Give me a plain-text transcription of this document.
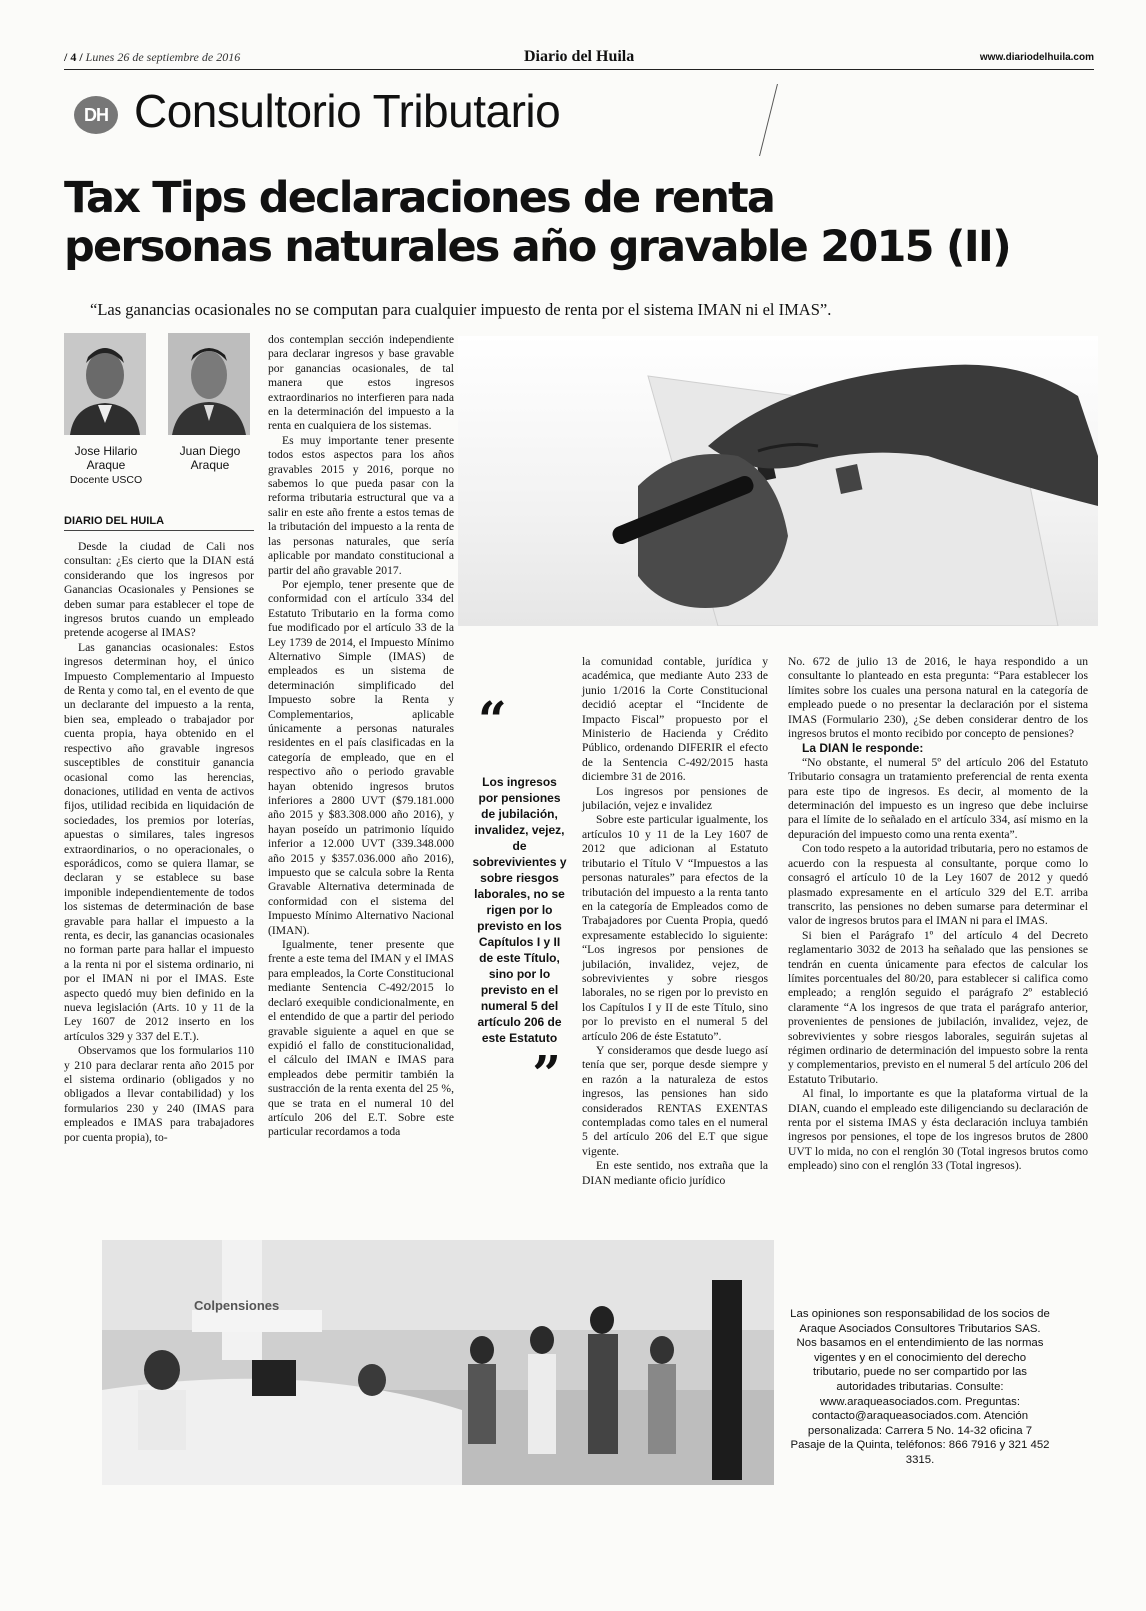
/ 4 / Lunes 26 de septiembre de 2016	Diario del Huila	www.diariodelhuila.com
DH Consultorio Tributario
Tax Tips declaraciones de renta
personas naturales año gravable 2015 (II)
“Las ganancias ocasionales no se computan para cualquier impuesto de renta por el sistema IMAN ni el IMAS”.
Jose Hilario
Araque
Docente USCO
Juan Diego
Araque
DIARIO DEL HUILA

Desde la ciudad de Cali nos consultan: ¿Es cierto que la DIAN está considerando que los ingresos por Ganancias Ocasionales y Pensiones se deben sumar para establecer el tope de ingresos brutos cuando un empleado pretende acogerse al IMAS?

Las ganancias ocasionales: Estos ingresos determinan hoy, el único Impuesto Complementario al Impuesto de Renta y como tal, en el evento de que un declarante del impuesto a la renta, bien sea, empleado o trabajador por cuenta propia, haya obtenido en el respectivo año gravable ingresos susceptibles de constituir ganancia ocasional como las herencias, donaciones, utilidad en venta de activos fijos, utilidad recibida en liquidación de sociedades, los premios por loterías, apuestas o similares, tales ingresos extraordinarios, o no operacionales, o esporádicos, como se quiera llamar, se declaran y se establece su base imponible independientemente de todos los sistemas de determinación de base gravable para hallar el impuesto a la renta, es decir, las ganancias ocasionales no forman parte para hallar el impuesto a la renta ni por el sistema ordinario, ni por el IMAN ni por el IMAS. Este aspecto quedó muy bien definido en la nueva legislación (Arts. 10 y 11 de la Ley 1607 de 2012 inserto en los artículos 329 y 337 del E.T.).

Observamos que los formularios 110 y 210 para declarar renta año 2015 por el sistema ordinario (obligados y no obligados a llevar contabilidad) y los formularios 230 y 240 (IMAS para empleados e IMAS para trabajadores por cuenta propia), to-

dos contemplan sección independiente para declarar ingresos y base gravable por ganancias ocasionales, de tal manera que estos ingresos extraordinarios no interfieren para nada en la determinación del impuesto a la renta en cualquiera de los sistemas.

Es muy importante tener presente todos estos aspectos para los años gravables 2015 y 2016, porque no sabemos lo que pueda pasar con la reforma tributaria estructural que va a salir en este año frente a estos temas de la tributación del impuesto a la renta de las personas naturales, que sería aplicable por mandato constitucional a partir del año gravable 2017.

Por ejemplo, tener presente que de conformidad con el artículo 334 del Estatuto Tributario en la forma como fue modificado por el artículo 33 de la Ley 1739 de 2014, el Impuesto Mínimo Alternativo Simple (IMAS) de empleados es un sistema de determinación simplificado del Impuesto sobre la Renta y Complementarios, aplicable únicamente a personas naturales residentes en el país clasificadas en la categoría de empleado, que en el respectivo año o periodo gravable hayan obtenido ingresos brutos inferiores a 2800 UVT ($79.181.000 año 2015 y $83.308.000 año 2016), y hayan poseído un patrimonio líquido inferior a 12.000 UVT (339.348.000 año 2015 y $357.036.000 año 2016), impuesto que se calcula sobre la Renta Gravable Alternativa determinada de conformidad con el sistema del Impuesto Mínimo Alternativo Nacional (IMAN).

Igualmente, tener presente que frente a este tema del IMAN y el IMAS para empleados, la Corte Constitucional mediante Sentencia C-492/2015 lo declaró exequible condicionalmente, en el entendido de que a partir del periodo gravable siguiente a aquel en que se expidió el fallo de constitucionalidad, el cálculo del IMAN e IMAS para empleados debe permitir también la sustracción de la renta exenta del 25 %, que se trata en el numeral 10 del artículo 206 del E.T. Sobre este particular recordamos a toda

“
Los ingresos por pensiones de jubilación, invalidez, vejez, de sobrevivientes y sobre riesgos laborales, no se rigen por lo previsto en los Capítulos I y II de este Título, sino por lo previsto en el numeral 5 del artículo 206 de este Estatuto
”

la comunidad contable, jurídica y académica, que mediante Auto 233 de junio 1/2016 la Corte Constitucional decidió aceptar el “Incidente de Impacto Fiscal” propuesto por el Ministerio de Hacienda y Crédito Público, ordenando DIFERIR el efecto de la Sentencia C-492/2015 hasta diciembre 31 de 2016.

Los ingresos por pensiones de jubilación, vejez e invalidez

Sobre este particular igualmente, los artículos 10 y 11 de la Ley 1607 de 2012 que adicionan al Estatuto tributario el Título V “Impuestos a las personas naturales” para efectos de la tributación del impuesto a la renta tanto en la categoría de Empleados como de Trabajadores por Cuenta Propia, quedó expresamente establecido lo siguiente: “Los ingresos por pensiones de jubilación, invalidez, vejez, de sobrevivientes y sobre riesgos laborales, no se rigen por lo previsto en los Capítulos I y II de este Título, sino por lo previsto en el numeral 5 del artículo 206 de éste Estatuto”.

Y consideramos que desde luego así tenía que ser, porque desde siempre y en razón a la naturaleza de estos ingresos, las pensiones han sido considerados RENTAS EXENTAS contempladas como tales en el numeral 5 del artículo 206 del E.T que sigue vigente.

En este sentido, nos extraña que la DIAN mediante oficio jurídico

No. 672 de julio 13 de 2016, le haya respondido a un consultante lo planteado en esta pregunta: “Para establecer los límites sobre los cuales una persona natural en la categoría de empleado puede o no presentar la declaración por el sistema IMAS (Formulario 230), ¿Se deben considerar dentro de los ingresos brutos el monto recibido por concepto de pensiones?

La DIAN le responde:

“No obstante, el numeral 5º del artículo 206 del Estatuto Tributario consagra un tratamiento preferencial de renta exenta para este tipo de ingresos. Es decir, al momento de la determinación del impuesto es un ingreso que debe incluirse para el límite de lo señalado en el artículo 334, así mismo en la depuración del impuesto como una renta exenta”.

Con todo respeto a la autoridad tributaria, pero no estamos de acuerdo con la respuesta al consultante, porque como lo consagró el artículo 10 de la Ley 1607 de 2012 y quedó plasmado expresamente en el artículo 329 del E.T. arriba transcrito, las pensiones no deben sumarse para determinar el valor de ingresos brutos para el IMAN ni para el IMAS.

Si bien el Parágrafo 1º del artículo 4 del Decreto reglamentario 3032 de 2013 ha señalado que las pensiones se tendrán en cuenta únicamente para efectos de calcular los límites porcentuales del 80/20, para establecer si califica como empleado; a renglón seguido el parágrafo 2º estableció claramente “A los ingresos de que trata el parágrafo anterior, provenientes de pensiones de jubilación, invalidez, vejez, de sobrevivientes y sobre riesgos laborales, seguirán sujetas al régimen ordinario de determinación del impuesto sobre la renta y complementarios, previsto en el numeral 5 del artículo 206 del Estatuto Tributario.

Al final, lo importante es que la plataforma virtual de la DIAN, cuando el empleado este diligenciando su declaración de renta por el sistema IMAS y ésta declaración incluya también ingresos por pensiones, el tope de los ingresos brutos de 2800 UVT lo mida, no con el renglón 30 (Total ingresos brutos como empleado) sino con el renglón 33 (Total ingresos).

Colpensiones
Las opiniones son responsabilidad de los socios de Araque Asociados Consultores Tributarios SAS. Nos basamos en el entendimiento de las normas vigentes y en el conocimiento del derecho tributario, puede no ser compartido por las autoridades tributarias. Consulte: www.araqueasociados.com. Preguntas: contacto@araqueasociados.com. Atención personalizada: Carrera 5 No. 14-32 oficina 7 Pasaje de la Quinta, teléfonos: 866 7916 y 321 452 3315.
